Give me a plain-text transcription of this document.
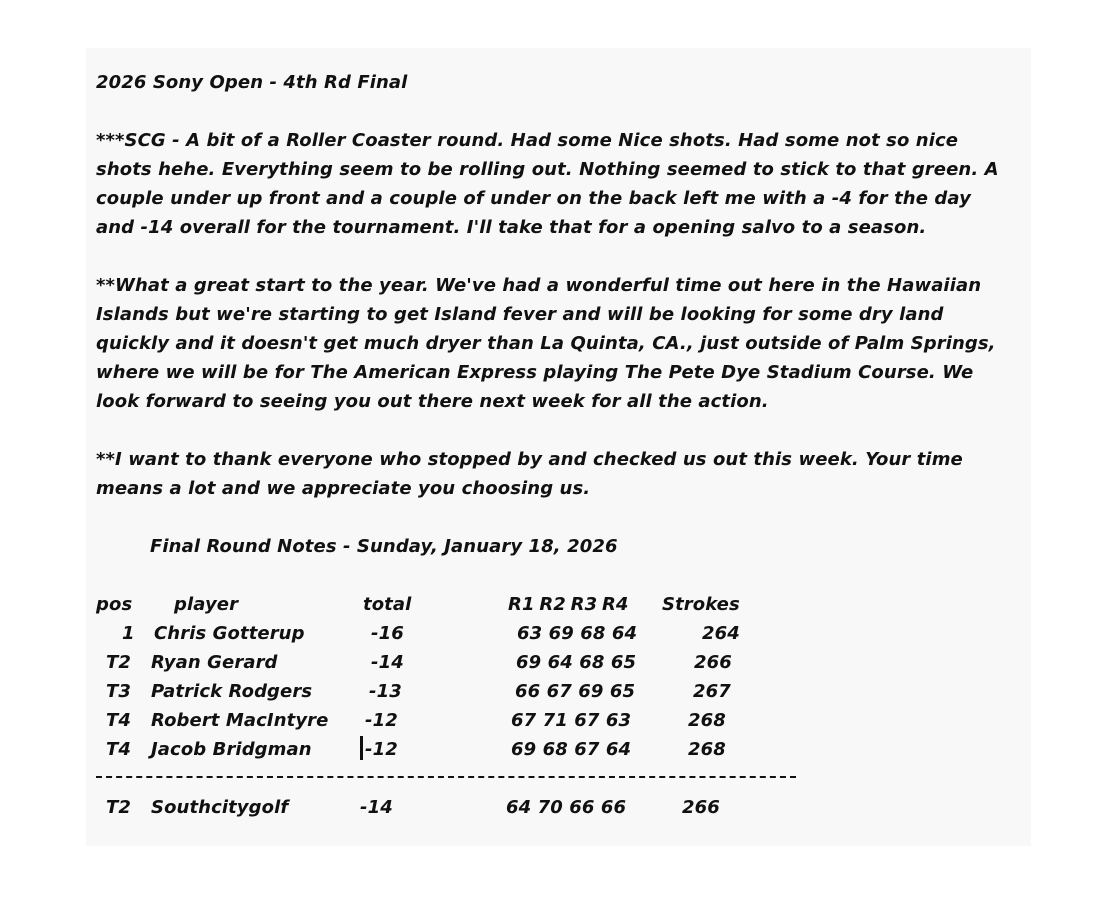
2026 Sony Open - 4th Rd Final
***SCG - A bit of a Roller Coaster round. Had some Nice shots. Had some not so nice
shots hehe. Everything seem to be rolling out. Nothing seemed to stick to that green. A
couple under up front and a couple of under on the back left me with a -4 for the day
and -14 overall for the tournament. I'll take that for a opening salvo to a season.
**What a great start to the year. We've had a wonderful time out here in the Hawaiian
Islands but we're starting to get Island fever and will be looking for some dry land
quickly and it doesn't get much dryer than La Quinta, CA., just outside of Palm Springs,
where we will be for The American Express playing The Pete Dye Stadium Course. We
look forward to seeing you out there next week for all the action.
**I want to thank everyone who stopped by and checked us out this week. Your time
means a lot and we appreciate you choosing us.
Final Round Notes - Sunday, January 18, 2026
pos player	total	R1  R2  R3  R4 Strokes
1 Chris Gotterup	-16	63 69 68 64	264
T2 Ryan Gerard	-14	69 64 68 65	266
T3 Patrick Rodgers	-13	66 67 69 65	267
T4 Robert MacIntyre -12	67 71 67 63	268
T4 Jacob Bridgman	-12	69 68 67 64	268
T2 Southcitygolf	-14	64 70 66 66	266
